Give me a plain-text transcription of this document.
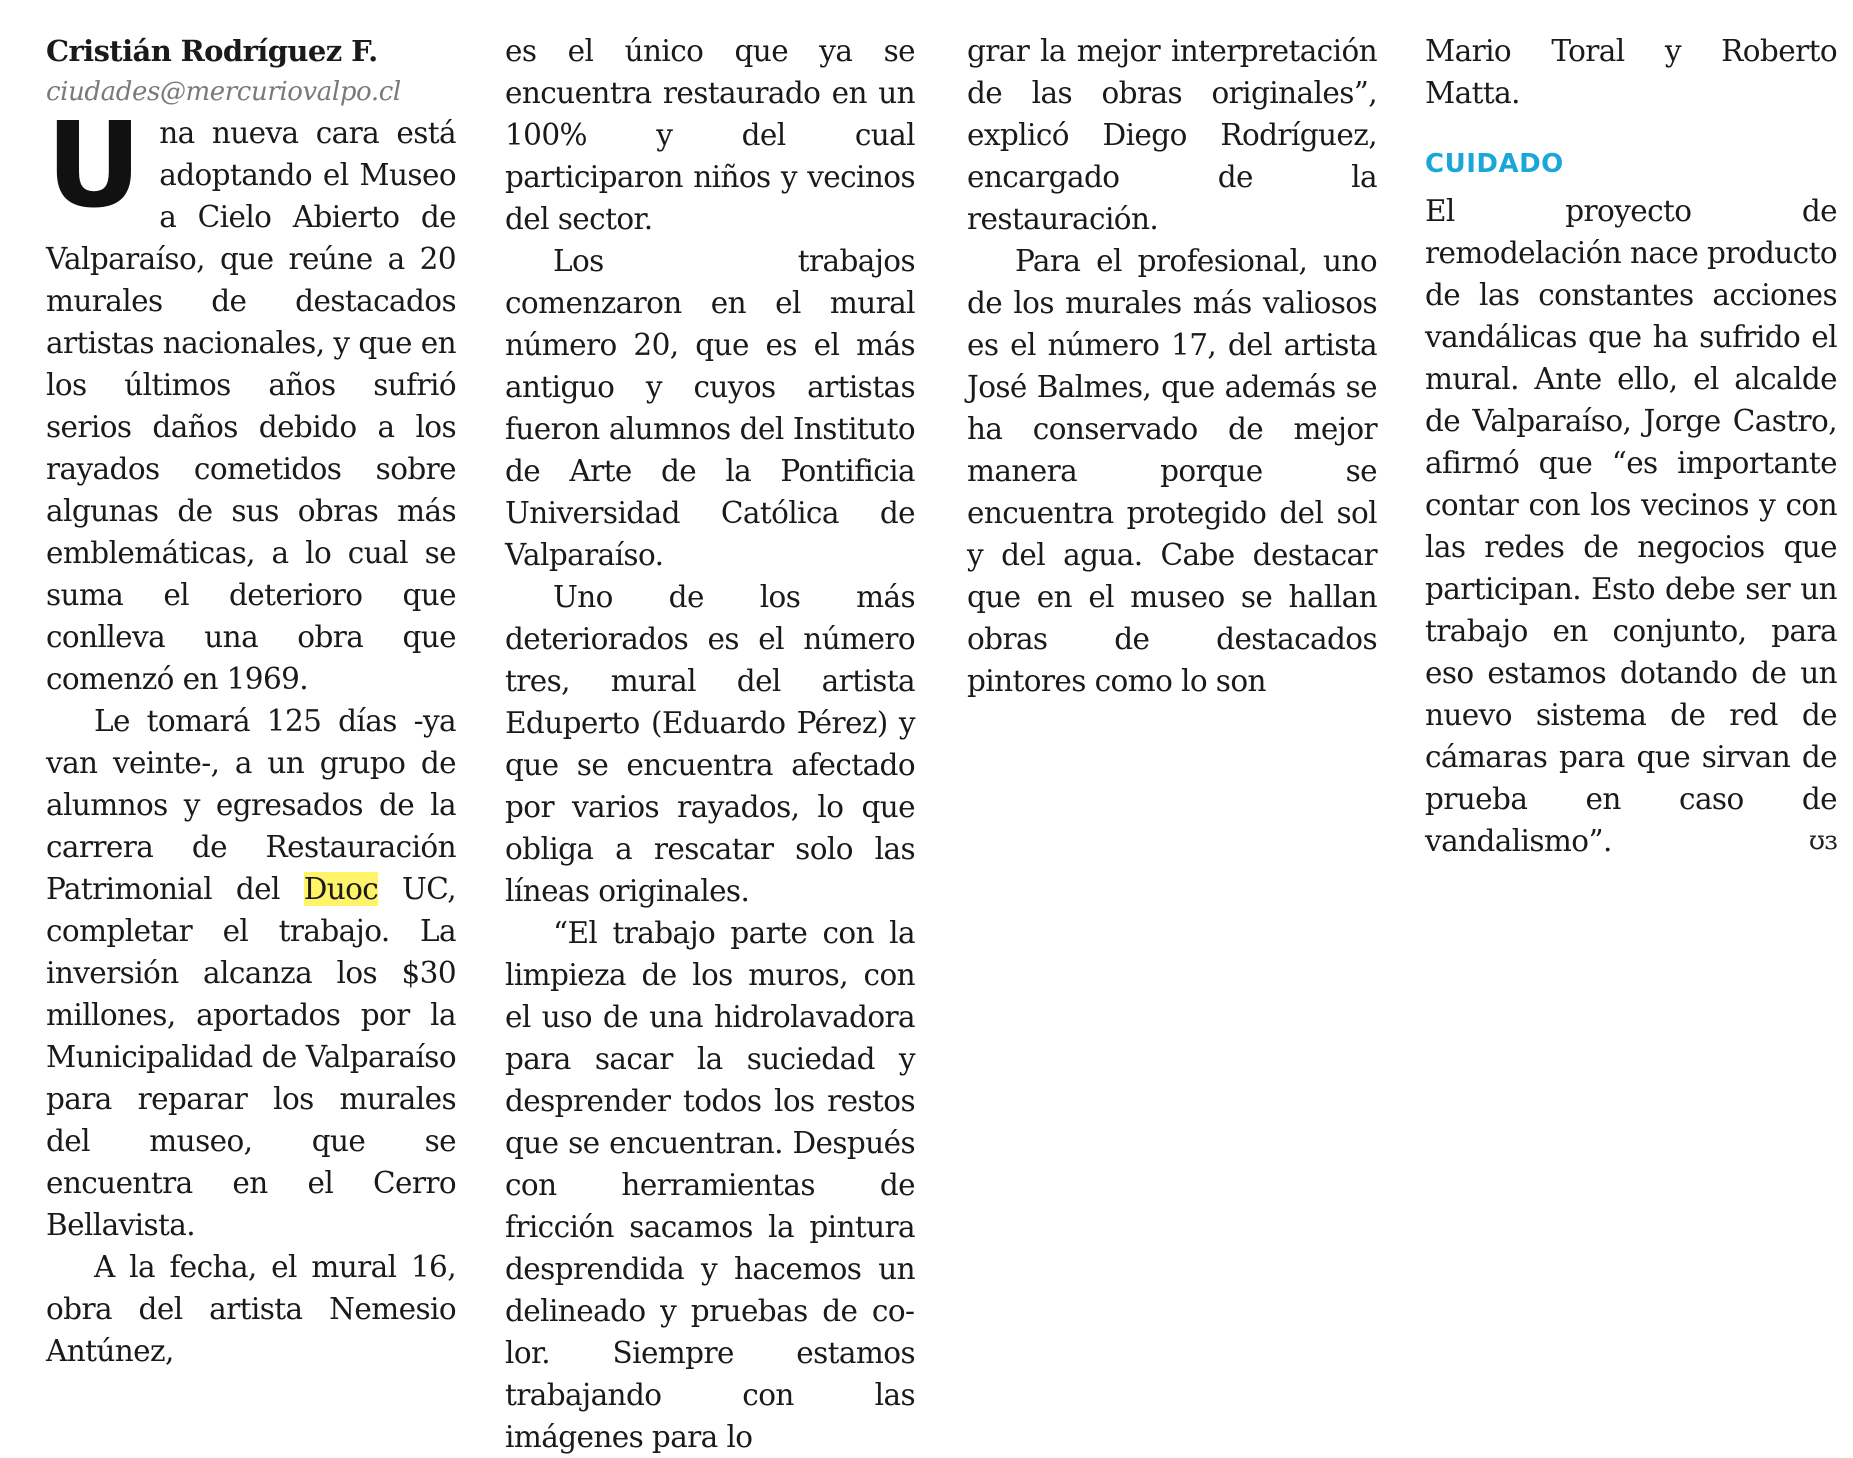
Cristián Rodríguez F.

ciudades@mercuriovalpo.cl

Una nueva cara está adoptando el Museo a Cielo Abierto de Valparaíso, que reúne a 20 murales de destacados artistas nacionales, y que en los últimos años sufrió serios daños debido a los rayados cometidos sobre algunas de sus obras más emblemáticas, a lo cual se suma el deterioro que conlleva una obra que comenzó en 1969.

Le tomará 125 días -ya van veinte-, a un grupo de alumnos y egresados de la carrera de Restauración Patrimonial del Duoc UC, completar el trabajo. La inversión alcanza los $30 millones, aportados por la Municipalidad de Valparaíso para reparar los murales del museo, que se encuentra en el Cerro Bellavista.

A la fecha, el mural 16, obra del artista Nemesio Antúnez,

es el único que ya se encuentra restaurado en un 100% y del cual participaron niños y vecinos del sector.

Los trabajos comenzaron en el mural número 20, que es el más antiguo y cuyos artistas fueron alumnos del Instituto de Arte de la Pontificia Universidad Católica de Valparaíso.

Uno de los más deteriorados es el número tres, mural del artista Eduperto (Eduardo Pérez) y que se encuentra afectado por varios rayados, lo que obliga a rescatar solo las líneas originales.

“El trabajo parte con la limpieza de los muros, con el uso de una hidrolavadora para sacar la suciedad y desprender todos los restos que se encuentran. Después con herramientas de fricción sacamos la pintura desprendida y hacemos un delineado y pruebas de color. Siempre estamos trabajando con las imágenes para lo

grar la mejor interpretación de las obras originales”, explicó Diego Rodríguez, encargado de la restauración.

Para el profesional, uno de los murales más valiosos es el número 17, del artista José Balmes, que además se ha conservado de mejor manera porque se encuentra protegido del sol y del agua. Cabe destacar que en el museo se hallan obras de destacados pintores como lo son

Mario Toral y Roberto Matta.

CUIDADO

El proyecto de remodelación nace producto de las constantes acciones vandálicas que ha sufrido el mural. Ante ello, el alcalde de Valparaíso, Jorge Castro, afirmó que “es importante contar con los vecinos y con las redes de negocios que participan. Esto debe ser un trabajo en conjunto, para eso estamos dotando de un nuevo sistema de red de cámaras para que sirvan de prueba en caso de vandalismo”.	ʊɜ
